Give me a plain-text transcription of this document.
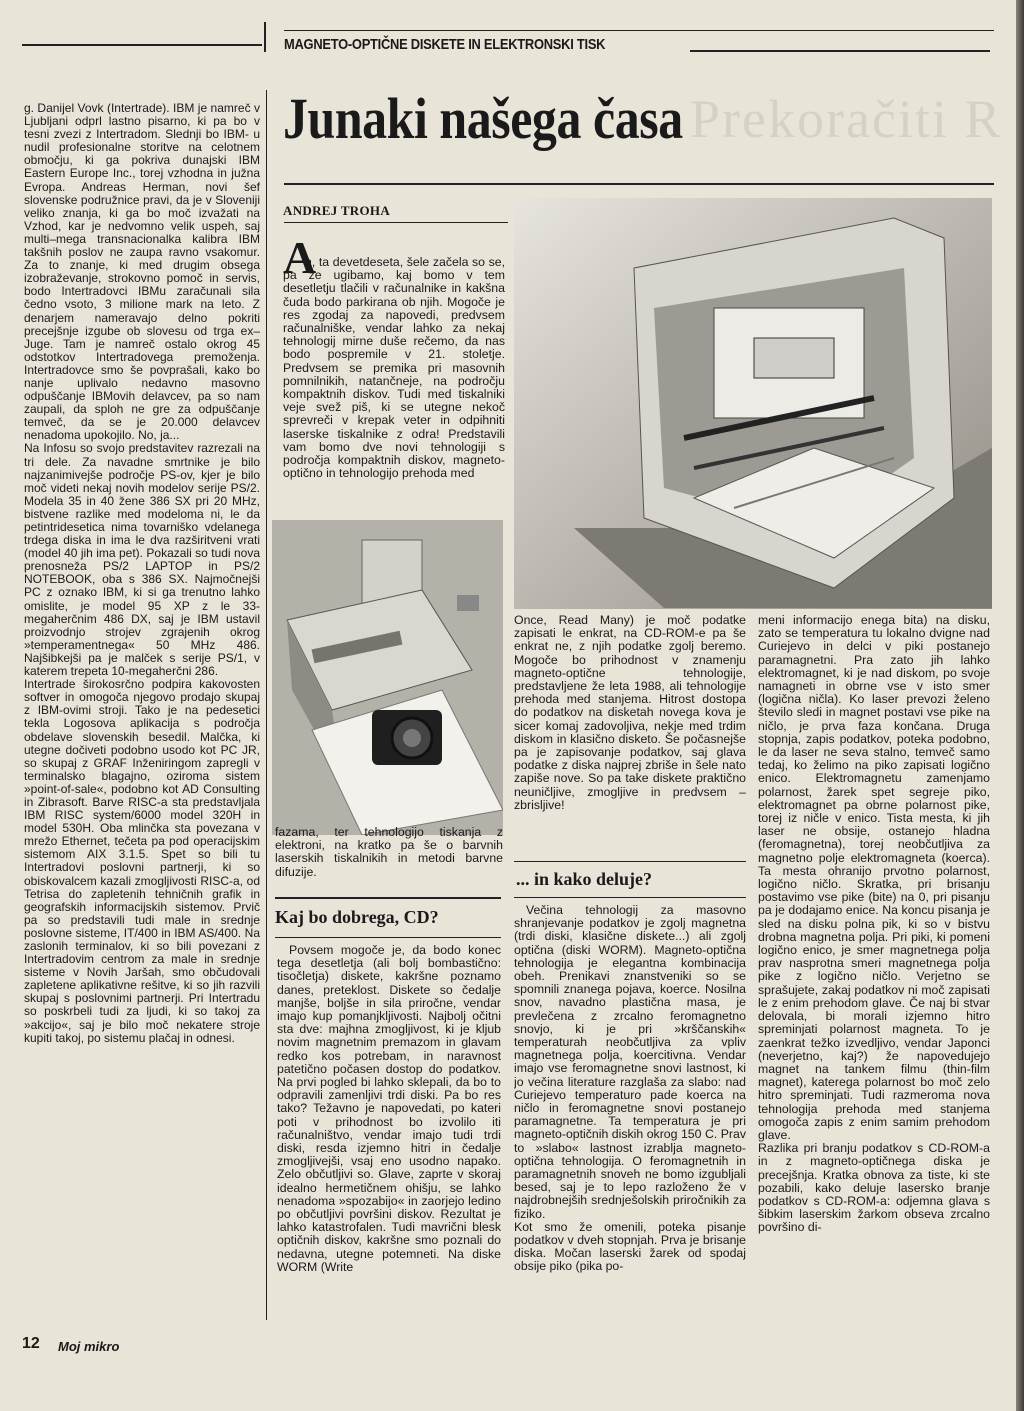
MAGNETO-OPTIČNE DISKETE IN ELEKTRONSKI TISK
Prekoračiti R
g. Danijel Vovk (Intertrade). IBM je namreč v Ljubljani odprl lastno pisarno, ki pa bo v tesni zvezi z Intertradom. Slednji bo IBM- u nudil profesionalne storitve na celotnem območju, ki ga pokriva dunajski IBM Eastern Europe Inc., torej vzhodna in južna Evropa. Andreas Herman, novi šef slovenske podružnice pravi, da je v Sloveniji veliko znanja, ki ga bo moč izvažati na Vzhod, kar je nedvomno velik uspeh, saj multi–mega transnacionalka kalibra IBM takšnih poslov ne zaupa ravno vsakomur. Za to znanje, ki med drugim obsega izobraževanje, strokovno pomoč in servis, bodo Intertradovci IBMu zaračunali sila čedno vsoto, 3 milione mark na leto. Z denarjem nameravajo delno pokriti precejšnje izgube ob slovesu od trga ex–Juge. Tam je namreč ostalo okrog 45 odstotkov Intertradovega premoženja. Intertradovce smo še povprašali, kako bo nanje uplivalo nedavno masovno odpuščanje IBMovih delavcev, pa so nam zaupali, da sploh ne gre za odpuščanje temveč, da se je 20.000 delavcev nenadoma upokojilo. No, ja...
Na Infosu so svojo predstavitev razrezali na tri dele. Za navadne smrtnike je bilo najzanimivejše področje PS-ov, kjer je bilo moč videti nekaj novih modelov serije PS/2. Modela 35 in 40 žene 386 SX pri 20 MHz, bistvene razlike med modeloma ni, le da petintridesetica nima tovarniško vdelanega trdega diska in ima le dva razširitveni vrati (model 40 jih ima pet). Pokazali so tudi nova prenosneža PS/2 LAPTOP in PS/2 NOTEBOOK, oba s 386 SX. Najmočnejši PC z oznako IBM, ki si ga trenutno lahko omislite, je model 95 XP z le 33-megaherčnim 486 DX, saj je IBM ustavil proizvodnjo strojev zgrajenih okrog »temperamentnega« 50 MHz 486. Najšibkejši pa je malček s serije PS/1, v katerem trepeta 10-megaherčni 286.
Intertrade širokosrčno podpira kakovosten softver in omogoča njegovo prodajo skupaj z IBM-ovimi stroji. Tako je na pedesetici tekla Logosova aplikacija s področja obdelave slovenskih besedil. Malčka, ki utegne dočiveti podobno usodo kot PC JR, so skupaj z GRAF Inženiringom zapregli v terminalsko blagajno, oziroma sistem »point-of-sale«, podobno kot AD Consulting in Zibrasoft. Barve RISC-a sta predstavljala IBM RISC system/6000 model 320H in model 530H. Oba mlinčka sta povezana v mrežo Ethernet, tečeta pa pod operacijskim sistemom AIX 3.1.5. Spet so bili tu Intertradovi poslovni partnerji, ki so obiskovalcem kazali zmogljivosti RISC-a, od Tetrisa do zapletenih tehničnih grafik in geografskih informacijskih sistemov. Prvič pa so predstavili tudi male in srednje poslovne sisteme, IT/400 in IBM AS/400. Na zaslonih terminalov, ki so bili povezani z Intertradovim centrom za male in srednje sisteme v Novih Jaršah, smo občudovali zapletene aplikativne rešitve, ki so jih razvili skupaj s poslovnimi partnerji. Pri Intertradu so poskrbeli tudi za ljudi, ki so takoj za »akcijo«, saj je bilo moč nekatere stroje kupiti takoj, po sistemu plačaj in odnesi.
Junaki našega časa
ANDREJ TROHA
A
h, ta devetdeseta, šele začela so se, pa že ugibamo, kaj bomo v tem desetletju tlačili v računalnike in kakšna čuda bodo parkirana ob njih. Mogoče je res zgodaj za napovedi, predvsem računalniške, vendar lahko za nekaj tehnologij mirne duše rečemo, da nas bodo pospremile v 21. stoletje. Predvsem se premika pri masovnih pomnilnikih, natančneje, na področju kompaktnih diskov. Tudi med tiskalniki veje svež piš, ki se utegne nekoč sprevreči v krepak veter in odpihniti laserske tiskalnike z odra! Predstavili vam bomo dve novi tehnologiji s področja kompaktnih diskov, magneto-optično in tehnologijo prehoda med
fazama, ter tehnologijo tiskanja z elektroni, na kratko pa še o barvnih laserskih tiskalnikih in metodi barvne difuzije.
Kaj bo dobrega, CD?
Povsem mogoče je, da bodo konec tega desetletja (ali bolj bombastično: tisočletja) diskete, kakršne poznamo danes, preteklost. Diskete so čedalje manjše, boljše in sila priročne, vendar imajo kup pomanjkljivosti. Najbolj očitni sta dve: majhna zmogljivost, ki je kljub novim magnetnim premazom in glavam redko kos potrebam, in naravnost patetično počasen dostop do podatkov. Na prvi pogled bi lahko sklepali, da bo to odpravili zamenljivi trdi diski. Pa bo res tako? Težavno je napovedati, po kateri poti v prihodnost bo izvolilo iti računalništvo, vendar imajo tudi trdi diski, resda izjemno hitri in čedalje zmogljivejši, vsaj eno usodno napako. Zelo občutljivi so. Glave, zaprte v skoraj idealno hermetičnem ohišju, se lahko nenadoma »spozabijo« in zaorjejo ledino po občutljivi površini diskov. Rezultat je lahko katastrofalen. Tudi mavrični blesk optičnih diskov, kakršne smo poznali do nedavna, utegne potemneti. Na diske WORM (Write
Once, Read Many) je moč podatke zapisati le enkrat, na CD-ROM-e pa še enkrat ne, z njih podatke zgolj beremo. Mogoče bo prihodnost v znamenju magneto-optične tehnologije, predstavljene že leta 1988, ali tehnologije prehoda med stanjema. Hitrost dostopa do podatkov na disketah novega kova je sicer komaj zadovoljiva, nekje med trdim diskom in klasično disketo. Še počasnejše pa je zapisovanje podatkov, saj glava podatke z diska najprej zbriše in šele nato zapiše nove. So pa take diskete praktično neuničljive, zmogljive in predvsem – zbrisljive!
... in kako deluje?
Večina tehnologij za masovno shranjevanje podatkov je zgolj magnetna (trdi diski, klasične diskete...) ali zgolj optična (diski WORM). Magneto-optična tehnologija je elegantna kombinacija obeh. Prenikavi znanstveniki so se spomnili znanega pojava, koerce. Nosilna snov, navadno plastična masa, je prevlečena z zrcalno feromagnetno snovjo, ki je pri »krščanskih« temperaturah neobčutljiva za vpliv magnetnega polja, koercitivna. Vendar imajo vse feromagnetne snovi lastnost, ki jo večina literature razglaša za slabo: nad Curiejevo temperaturo pade koerca na ničlo in feromagnetne snovi postanejo paramagnetne. Ta temperatura je pri magneto-optičnih diskih okrog 150 C. Prav to »slabo« lastnost izrablja magneto-optična tehnologija. O feromagnetnih in paramagnetnih snoveh ne bomo izgubljali besed, saj je to lepo razloženo že v najdrobnejših srednješolskih priročnikih za fiziko.
Kot smo že omenili, poteka pisanje podatkov v dveh stopnjah. Prva je brisanje diska. Močan laserski žarek od spodaj obsije piko (pika po-
meni informacijo enega bita) na disku, zato se temperatura tu lokalno dvigne nad Curiejevo in delci v piki postanejo paramagnetni. Pra zato jih lahko elektromagnet, ki je nad diskom, po svoje namagneti in obrne vse v isto smer (logična ničla). Ko laser prevozi želeno število sledi in magnet postavi vse pike na ničlo, je prva faza končana. Druga stopnja, zapis podatkov, poteka podobno, le da laser ne seva stalno, temveč samo tedaj, ko želimo na piko zapisati logično enico. Elektromagnetu zamenjamo polarnost, žarek spet segreje piko, elektromagnet pa obrne polarnost pike, torej iz ničle v enico. Tista mesta, ki jih laser ne obsije, ostanejo hladna (feromagnetna), torej neobčutljiva za magnetno polje elektromagneta (koerca). Ta mesta ohranijo prvotno polarnost, logično ničlo. Skratka, pri brisanju postavimo vse pike (bite) na 0, pri pisanju pa je dodajamo enice. Na koncu pisanja je sled na disku polna pik, ki so v bistvu drobna magnetna polja. Pri piki, ki pomeni logično enico, je smer magnetnega polja prav nasprotna smeri magnetnega polja pike z logično ničlo. Verjetno se sprašujete, zakaj podatkov ni moč zapisati le z enim prehodom glave. Če naj bi stvar delovala, bi morali izjemno hitro spreminjati polarnost magneta. To je zaenkrat težko izvedljivo, vendar Japonci (neverjetno, kaj?) že napovedujejo magnet na tankem filmu (thin-film magnet), katerega polarnost bo moč zelo hitro spreminjati. Tudi razmeroma nova tehnologija prehoda med stanjema omogoča zapis z enim samim prehodom glave.
Razlika pri branju podatkov s CD-ROM-a in z magneto-optičnega diska je precejšnja. Kratka obnova za tiste, ki ste pozabili, kako deluje lasersko branje podatkov s CD-ROM-a: odjemna glava s šibkim laserskim žarkom obseva zrcalno površino di-
12 Moj mikro
